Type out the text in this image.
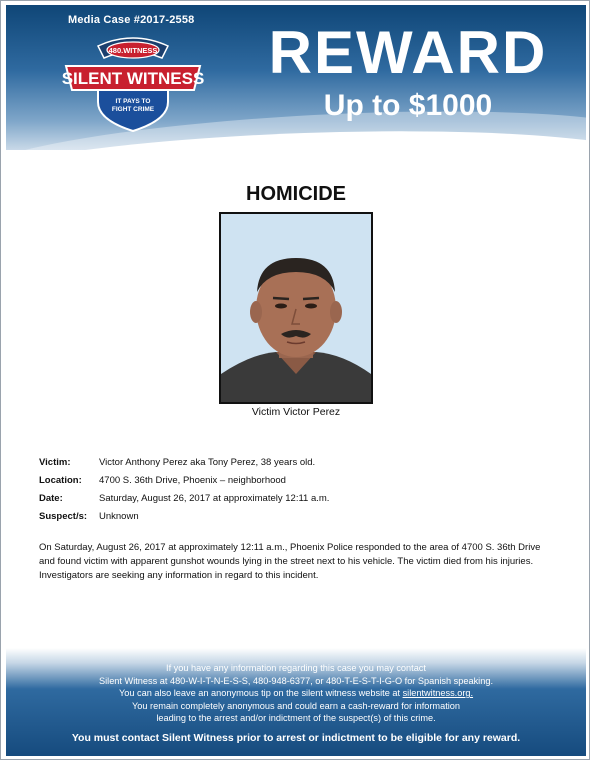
Media Case #2017-2558
480.WITNESS
SILENT WITNESS
IT PAYS TO
FIGHT CRIME
REWARD
Up to $1000
Silent Witness – It pays to fight crime
HOMICIDE
Victim Victor Perez
Victim:	Victor Anthony Perez aka Tony Perez, 38 years old.
Location:	4700 S. 36th Drive, Phoenix – neighborhood
Date:	Saturday, August 26, 2017 at approximately 12:11 a.m.
Suspect/s:	Unknown
On Saturday, August 26, 2017 at approximately 12:11 a.m., Phoenix Police responded to the area of 4700 S. 36th Drive and found victim with apparent gunshot wounds lying in the street next to his vehicle. The victim died from his injuries. Investigators are seeking any information in regard to this incident.
If you have any information regarding this case you may contact
Silent Witness at 480-W-I-T-N-E-S-S, 480-948-6377, or 480-T-E-S-T-I-G-O for Spanish speaking.
You can also leave an anonymous tip on the silent witness website at silentwitness.org.
You remain completely anonymous and could earn a cash-reward for information
leading to the arrest and/or indictment of the suspect(s) of this crime.
You must contact Silent Witness prior to arrest or indictment to be eligible for any reward.
